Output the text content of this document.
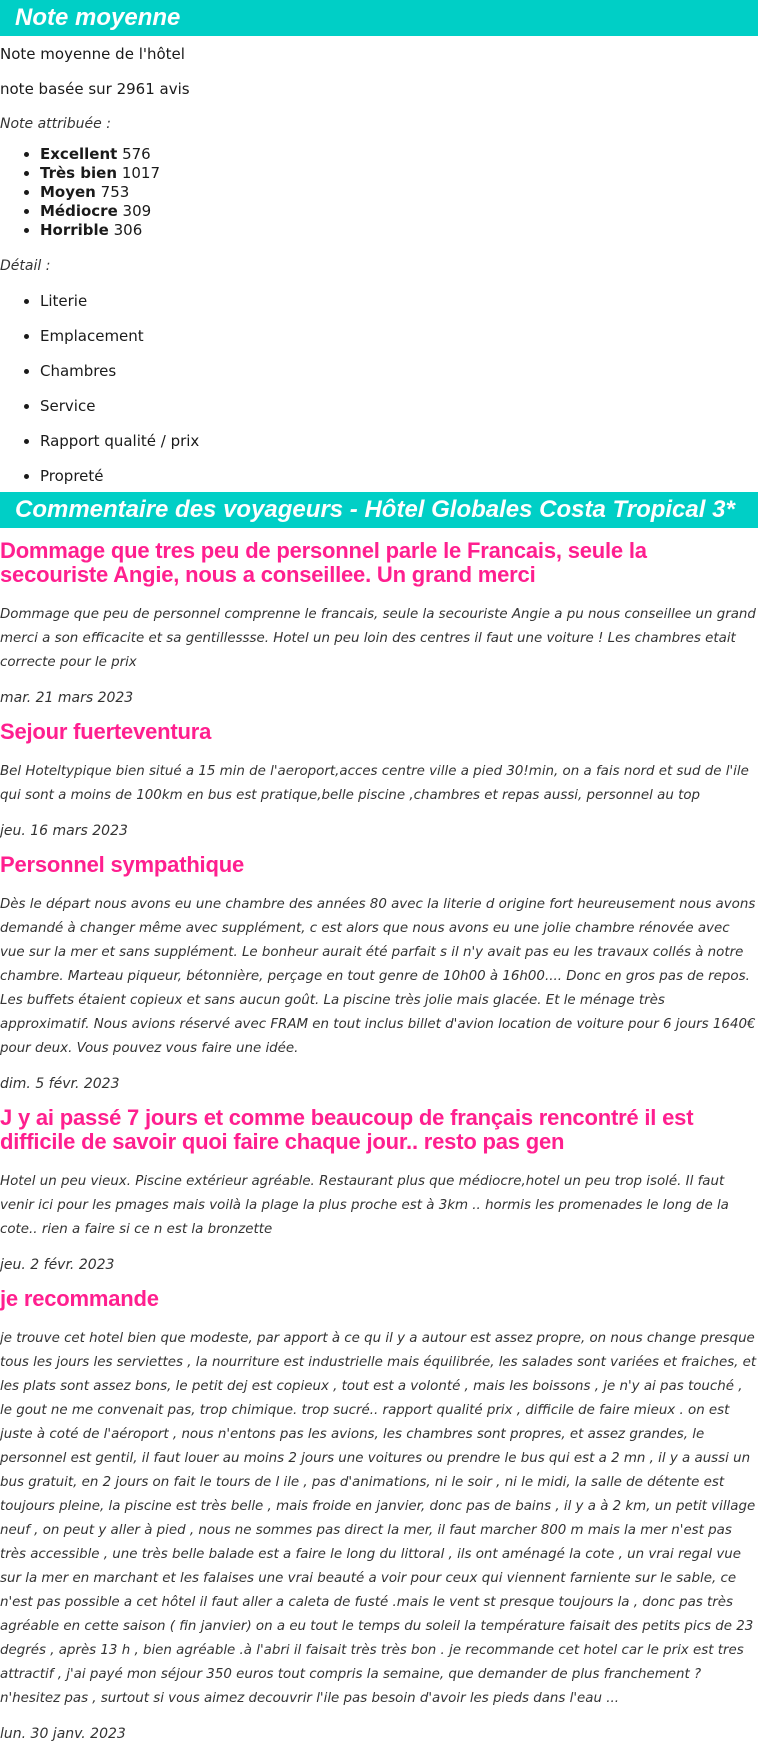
Note moyenne

Note moyenne de l'hôtel

note basée sur 2961 avis

Note attribuée :

• Excellent 576
• Très bien 1017
• Moyen 753
• Médiocre 309
• Horrible 306

Détail :

• Literie
• Emplacement
• Chambres
• Service
• Rapport qualité / prix
• Propreté
Commentaire des voyageurs - Hôtel Globales Costa Tropical 3*
Dommage que tres peu de personnel parle le Francais, seule la secouriste Angie, nous a conseillee. Un grand merci

Dommage que peu de personnel comprenne le francais, seule la secouriste Angie a pu nous conseillee un grand merci a son efficacite et sa gentillessse. Hotel un peu loin des centres il faut une voiture ! Les chambres etait correcte pour le prix

mar. 21 mars 2023

Sejour fuerteventura

Bel Hoteltypique bien situé a 15 min de l'aeroport,acces centre ville a pied 30!min, on a fais nord et sud de l'ile qui sont a moins de 100km en bus est pratique,belle piscine ,chambres et repas aussi, personnel au top

jeu. 16 mars 2023

Personnel sympathique

Dès le départ nous avons eu une chambre des années 80 avec la literie d origine fort heureusement nous avons demandé à changer même avec supplément, c est alors que nous avons eu une jolie chambre rénovée avec vue sur la mer et sans supplément. Le bonheur aurait été parfait s il n'y avait pas eu les travaux collés à notre chambre. Marteau piqueur, bétonnière, perçage en tout genre de 10h00 à 16h00.... Donc en gros pas de repos. Les buffets étaient copieux et sans aucun goût. La piscine très jolie mais glacée. Et le ménage très approximatif. Nous avions réservé avec FRAM en tout inclus billet d'avion location de voiture pour 6 jours 1640€ pour deux. Vous pouvez vous faire une idée.

dim. 5 févr. 2023

J y ai passé 7 jours et comme beaucoup de français rencontré il est difficile de savoir quoi faire chaque jour.. resto pas gen

Hotel un peu vieux. Piscine extérieur agréable. Restaurant plus que médiocre,hotel un peu trop isolé. Il faut venir ici pour les pmages mais voilà la plage la plus proche est à 3km .. hormis les promenades le long de la cote.. rien a faire si ce n est la bronzette

jeu. 2 févr. 2023

je recommande

je trouve cet hotel bien que modeste, par apport à ce qu il y a autour est assez propre, on nous change presque tous les jours les serviettes , la nourriture est industrielle mais équilibrée, les salades sont variées et fraiches, et les plats sont assez bons, le petit dej est copieux , tout est a volonté , mais les boissons , je n'y ai pas touché , le gout ne me convenait pas, trop chimique. trop sucré.. rapport qualité prix , difficile de faire mieux . on est juste à coté de l'aéroport , nous n'entons pas les avions, les chambres sont propres, et assez grandes, le personnel est gentil, il faut louer au moins 2 jours une voitures ou prendre le bus qui est a 2 mn , il y a aussi un bus gratuit, en 2 jours on fait le tours de l ile , pas d'animations, ni le soir , ni le midi, la salle de détente est toujours pleine, la piscine est très belle , mais froide en janvier, donc pas de bains , il y a à 2 km, un petit village neuf , on peut y aller à pied , nous ne sommes pas direct la mer, il faut marcher 800 m mais la mer n'est pas très accessible , une très belle balade est a faire le long du littoral , ils ont aménagé la cote , un vrai regal vue sur la mer en marchant et les falaises une vrai beauté a voir pour ceux qui viennent farniente sur le sable, ce n'est pas possible a cet hôtel il faut aller a caleta de fusté .mais le vent st presque toujours la , donc pas très agréable en cette saison ( fin janvier) on a eu tout le temps du soleil la température faisait des petits pics de 23 degrés , après 13 h , bien agréable .à l'abri il faisait très très bon . je recommande cet hotel car le prix est tres attractif , j'ai payé mon séjour 350 euros tout compris la semaine, que demander de plus franchement ? n'hesitez pas , surtout si vous aimez decouvrir l'ile pas besoin d'avoir les pieds dans l'eau ...

lun. 30 janv. 2023
